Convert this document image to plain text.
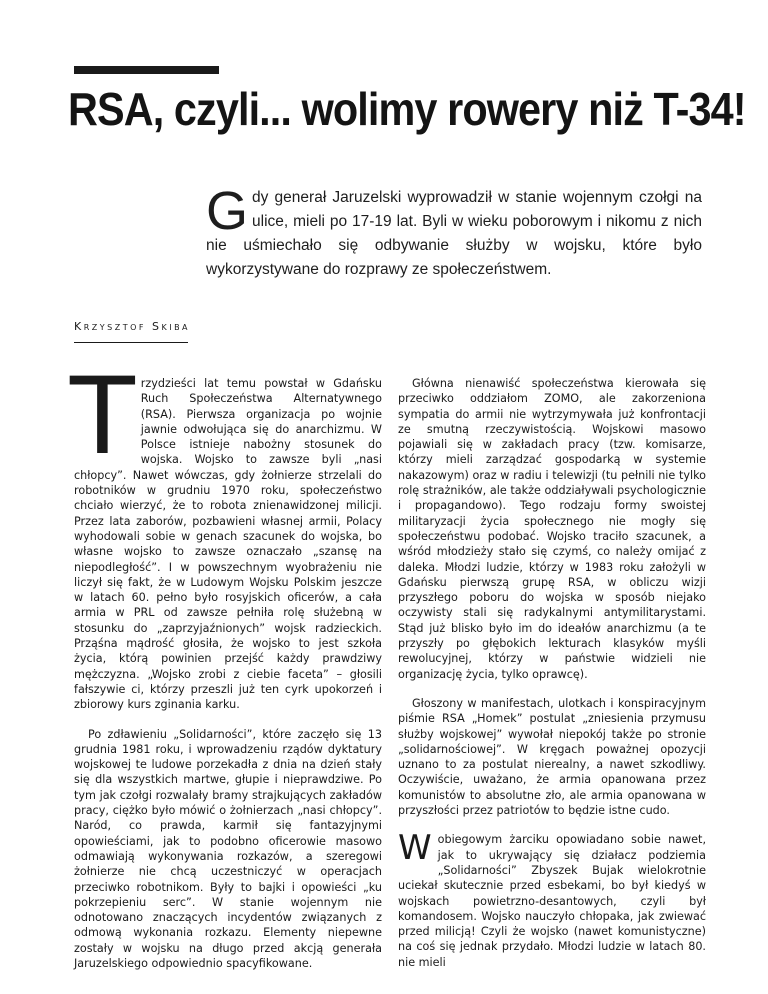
RSA, czyli... wolimy rowery niż T-34!

Gdy generał Jaruzelski wyprowadził w stanie wojennym czołgi na ulice, mieli po 17-19 lat. Byli w wieku poborowym i nikomu z nich nie uśmiechało się odbywanie służby w wojsku, które było wykorzystywane do rozprawy ze społeczeństwem.

Krzysztof Skiba

Trzydzieści lat temu powstał w Gdańsku Ruch Społeczeństwa Alternatywnego (RSA). Pierwsza organizacja po wojnie jawnie odwołująca się do anarchizmu. W Polsce istnieje nabożny stosunek do wojska. Wojsko to zawsze byli „nasi chłopcy”. Nawet wówczas, gdy żołnierze strzelali do robotników w grudniu 1970 roku, społeczeństwo chciało wierzyć, że to robota znienawidzonej milicji. Przez lata zaborów, pozbawieni własnej armii, Polacy wyhodowali sobie w genach szacunek do wojska, bo własne wojsko to zawsze oznaczało „szansę na niepodległość”. I w powszechnym wyobrażeniu nie liczył się fakt, że w Ludowym Wojsku Polskim jeszcze w latach 60. pełno było rosyjskich oficerów, a cała armia w PRL od zawsze pełniła rolę służebną w stosunku do „zaprzyjaźnionych” wojsk radzieckich. Prząśna mądrość głosiła, że wojsko to jest szkoła życia, którą powinien przejść każdy prawdziwy mężczyzna. „Wojsko zrobi z ciebie faceta” – głosili fałszywie ci, którzy przeszli już ten cyrk upokorzeń i zbiorowy kurs zginania karku.

Po zdławieniu „Solidarności”, które zaczęło się 13 grudnia 1981 roku, i wprowadzeniu rządów dyktatury wojskowej te ludowe porzekadła z dnia na dzień stały się dla wszystkich martwe, głupie i nieprawdziwe. Po tym jak czołgi rozwalały bramy strajkujących zakładów pracy, ciężko było mówić o żołnierzach „nasi chłopcy”. Naród, co prawda, karmił się fantazyjnymi opowieściami, jak to podobno oficerowie masowo odmawiają wykonywania rozkazów, a szeregowi żołnierze nie chcą uczestniczyć w operacjach przeciwko robotnikom. Były to bajki i opowieści „ku pokrzepieniu serc”. W stanie wojennym nie odnotowano znaczących incydentów związanych z odmową wykonania rozkazu. Elementy niepewne zostały w wojsku na długo przed akcją generała Jaruzelskiego odpowiednio spacyfikowane.

Główna nienawiść społeczeństwa kierowała się przeciwko oddziałom ZOMO, ale zakorzeniona sympatia do armii nie wytrzymywała już konfrontacji ze smutną rzeczywistością. Wojskowi masowo pojawiali się w zakładach pracy (tzw. komisarze, którzy mieli zarządzać gospodarką w systemie nakazowym) oraz w radiu i telewizji (tu pełnili nie tylko rolę strażników, ale także oddziaływali psychologicznie i propagandowo). Tego rodzaju formy swoistej militaryzacji życia społecznego nie mogły się społeczeństwu podobać. Wojsko traciło szacunek, a wśród młodzieży stało się czymś, co należy omijać z daleka. Młodzi ludzie, którzy w 1983 roku założyli w Gdańsku pierwszą grupę RSA, w obliczu wizji przyszłego poboru do wojska w sposób niejako oczywisty stali się radykalnymi antymilitarystami. Stąd już blisko było im do ideałów anarchizmu (a te przyszły po głębokich lekturach klasyków myśli rewolucyjnej, którzy w państwie widzieli nie organizację życia, tylko oprawcę).

Głoszony w manifestach, ulotkach i konspiracyjnym piśmie RSA „Homek” postulat „zniesienia przymusu służby wojskowej” wywołał niepokój także po stronie „solidarnościowej”. W kręgach poważnej opozycji uznano to za postulat nierealny, a nawet szkodliwy. Oczywiście, uważano, że armia opanowana przez komunistów to absolutne zło, ale armia opanowana w przyszłości przez patriotów to będzie istne cudo.

Wobiegowym żarciku opowiadano sobie nawet, jak to ukrywający się działacz podziemia „Solidarności” Zbyszek Bujak wielokrotnie uciekał skutecznie przed esbekami, bo był kiedyś w wojskach powietrzno-desantowych, czyli był komandosem. Wojsko nauczyło chłopaka, jak zwiewać przed milicją! Czyli że wojsko (nawet komunistyczne) na coś się jednak przydało. Młodzi ludzie w latach 80. nie mieli
